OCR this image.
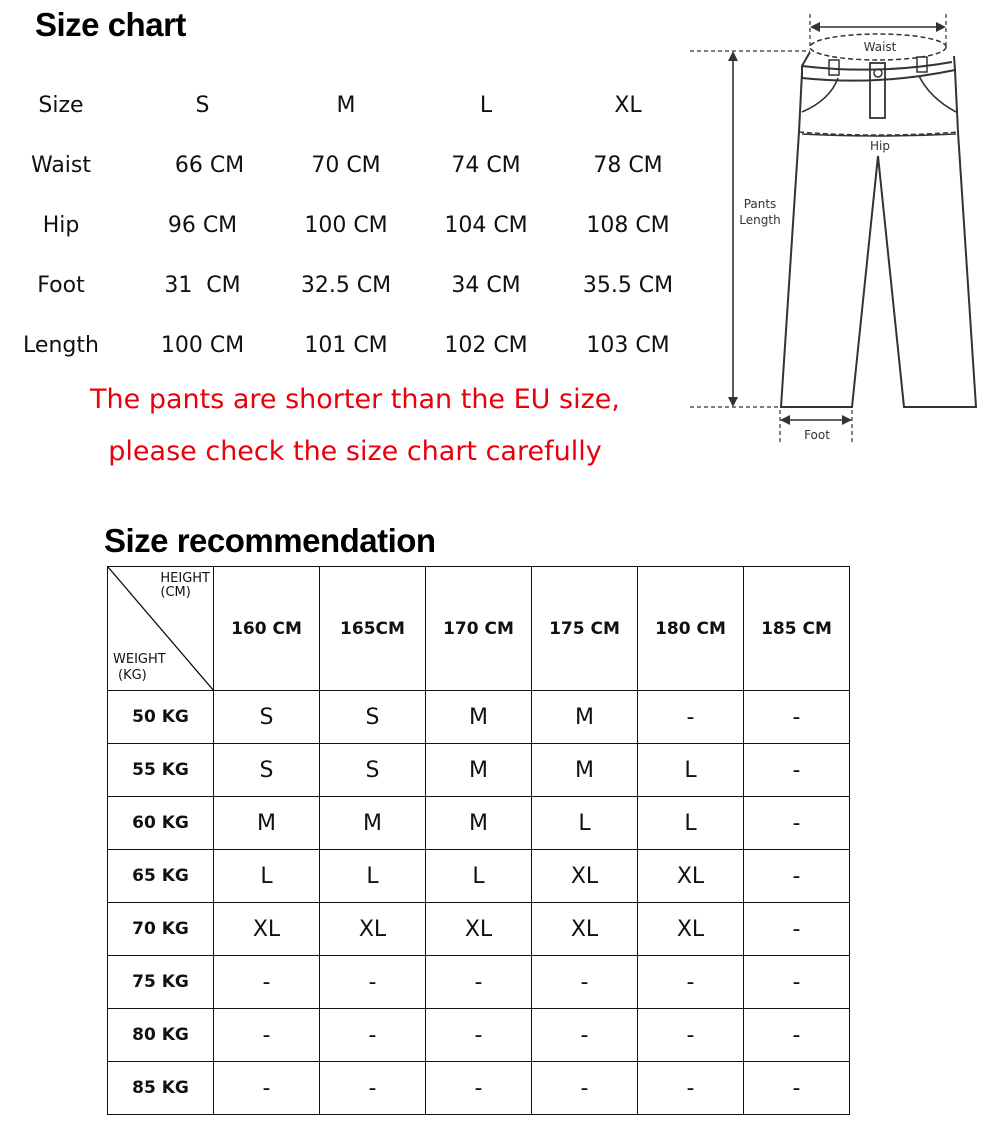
Size chart
Size	S	M	L	XL
Waist	66 CM	70 CM	74 CM	78 CM
Hip	96 CM	100 CM	104 CM	108 CM
Foot	31  CM	32.5 CM	34 CM	35.5 CM
Length	100 CM	101 CM	102 CM	103 CM
The pants are shorter than the EU size,
please check the size chart carefully
Waist
Hip
Pants
Length
Foot
Size recommendation
HEIGHT
(CM)
WEIGHT
(KG)	160 CM	165CM	170 CM	175 CM	180 CM	185 CM
50 KG	S	S	M	M	-	-
55 KG	S	S	M	M	L	-
60 KG	M	M	M	L	L	-
65 KG	L	L	L	XL	XL	-
70 KG	XL	XL	XL	XL	XL	-
75 KG	-	-	-	-	-	-
80 KG	-	-	-	-	-	-
85 KG	-	-	-	-	-	-
